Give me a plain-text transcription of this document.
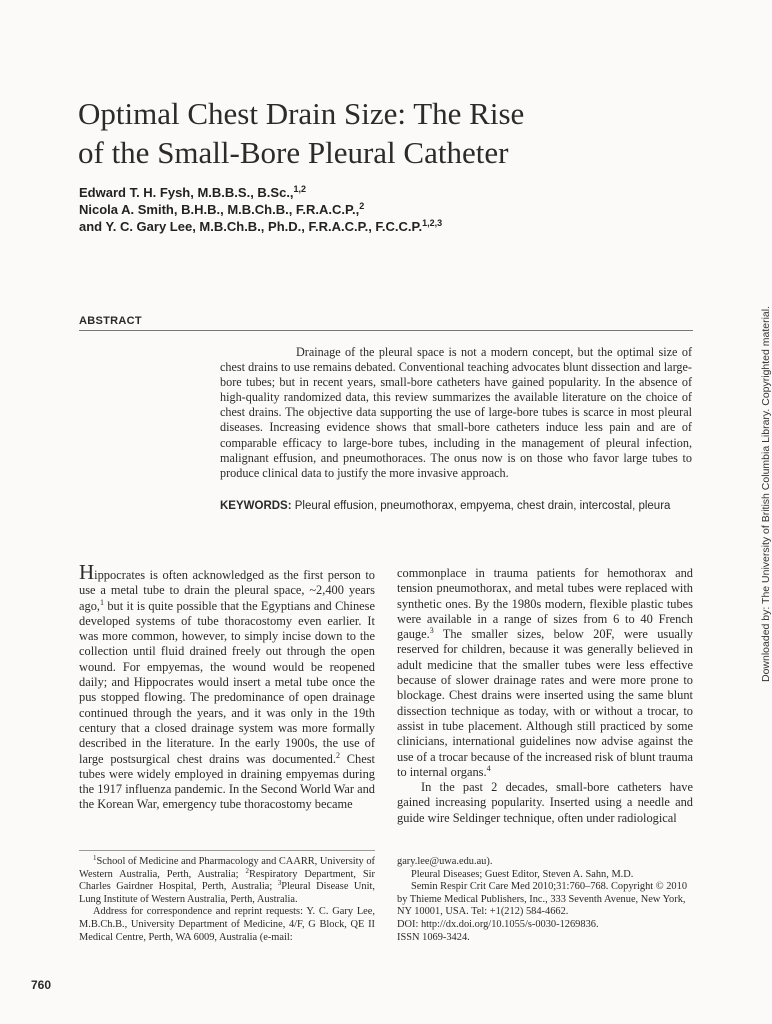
Optimal Chest Drain Size: The Rise
of the Small-Bore Pleural Catheter
Edward T. H. Fysh, M.B.B.S., B.Sc.,$^{1,2}$
Nicola A. Smith, B.H.B., M.B.Ch.B., F.R.A.C.P.,$^2$
and Y. C. Gary Lee, M.B.Ch.B., Ph.D., F.R.A.C.P., F.C.C.P.$^{1,2,3}$
ABSTRACT

Drainage of the pleural space is not a modern concept, but the optimal size of chest drains to use remains debated. Conventional teaching advocates blunt dissection and large-bore tubes; but in recent years, small-bore catheters have gained popularity. In the absence of high-quality randomized data, this review summarizes the available literature on the choice of chest drains. The objective data supporting the use of large-bore tubes is scarce in most pleural diseases. Increasing evidence shows that small-bore catheters induce less pain and are of comparable efficacy to large-bore tubes, including in the management of pleural infection, malignant effusion, and pneumothoraces. The onus now is on those who favor large tubes to produce clinical data to justify the more invasive approach.

KEYWORDS: Pleural effusion, pneumothorax, empyema, chest drain, intercostal, pleura

Hippocrates is often acknowledged as the first person to use a metal tube to drain the pleural space, ~2,400 years ago,$^1$ but it is quite possible that the Egyptians and Chinese developed systems of tube thoracostomy even earlier. It was more common, however, to simply incise down to the collection until fluid drained freely out through the open wound. For empyemas, the wound would be reopened daily; and Hippocrates would insert a metal tube once the pus stopped flowing. The predominance of open drainage continued through the years, and it was only in the 19th century that a closed drainage system was more formally described in the literature. In the early 1900s, the use of large postsurgical chest drains was documented.$^2$ Chest tubes were widely employed in draining empyemas during the 1917 influenza pandemic. In the Second World War and the Korean War, emergency tube thoracostomy became

commonplace in trauma patients for hemothorax and tension pneumothorax, and metal tubes were replaced with synthetic ones. By the 1980s modern, flexible plastic tubes were available in a range of sizes from 6 to 40 French gauge.$^3$ The smaller sizes, below 20F, were usually reserved for children, because it was generally believed in adult medicine that the smaller tubes were less effective because of slower drainage rates and were more prone to blockage. Chest drains were inserted using the same blunt dissection technique as today, with or without a trocar, to assist in tube placement. Although still practiced by some clinicians, international guidelines now advise against the use of a trocar because of the increased risk of blunt trauma to internal organs.$^4$
In the past 2 decades, small-bore catheters have gained increasing popularity. Inserted using a needle and guide wire Seldinger technique, often under radiological

$^1$School of Medicine and Pharmacology and CAARR, University of Western Australia, Perth, Australia; $^2$Respiratory Department, Sir Charles Gairdner Hospital, Perth, Australia; $^3$Pleural Disease Unit, Lung Institute of Western Australia, Perth, Australia.

Address for correspondence and reprint requests: Y. C. Gary Lee, M.B.Ch.B., University Department of Medicine, 4/F, G Block, QE II Medical Centre, Perth, WA 6009, Australia (e-mail:

gary.lee@uwa.edu.au).

Pleural Diseases; Guest Editor, Steven A. Sahn, M.D.

Semin Respir Crit Care Med 2010;31:760–768. Copyright © 2010 by Thieme Medical Publishers, Inc., 333 Seventh Avenue, New York, NY 10001, USA. Tel: +1(212) 584-4662.

DOI: http://dx.doi.org/10.1055/s-0030-1269836.

ISSN 1069-3424.

760
Downloaded by: The University of British Columbia Library. Copyrighted material.
